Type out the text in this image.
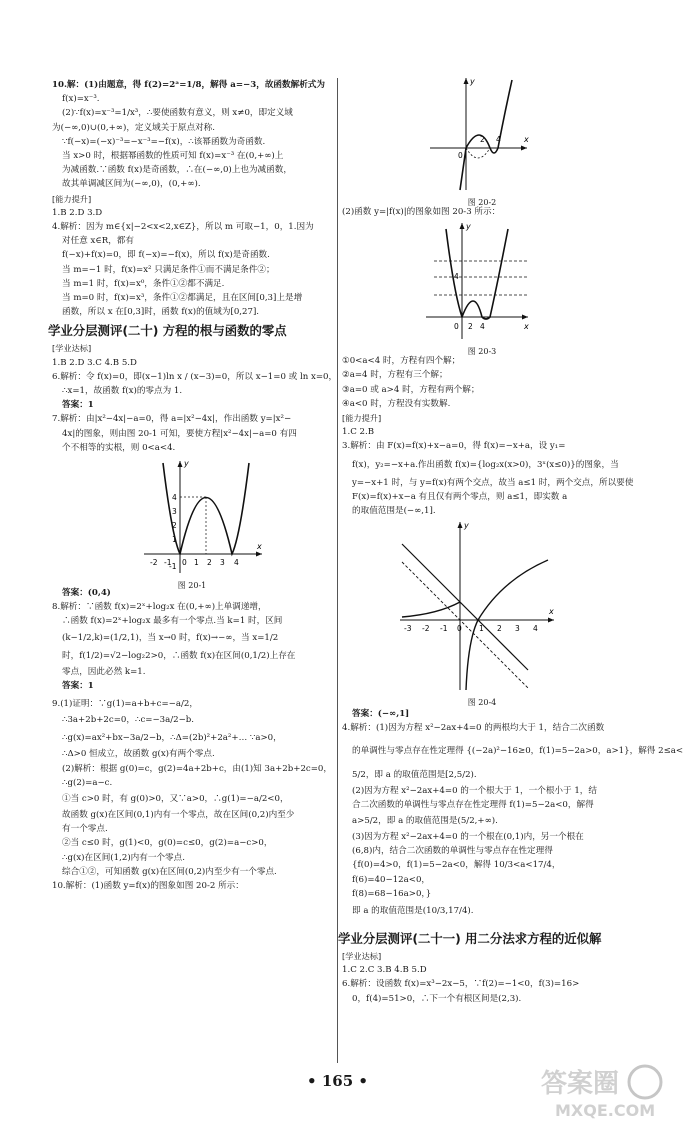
10.解：(1)由题意，得 f(2)=2ᵃ=1/8，解得 a=−3，故函数解析式为

f(x)=x⁻³.

(2)∵f(x)=x⁻³=1/x³，∴要使函数有意义，则 x≠0，即定义域

为(−∞,0)∪(0,+∞)，定义域关于原点对称.

∵f(−x)=(−x)⁻³=−x⁻³=−f(x)，∴该幂函数为奇函数.

当 x>0 时，根据幂函数的性质可知 f(x)=x⁻³ 在(0,+∞)上

为减函数.∵函数 f(x)是奇函数，∴在(−∞,0)上也为减函数，

故其单调减区间为(−∞,0)，(0,+∞).

[能力提升]

1.B 2.D 3.D

4.解析：因为 m∈{x|−2<x<2,x∈Z}，所以 m 可取−1，0，1.因为

对任意 x∈R，都有

f(−x)+f(x)=0，即 f(−x)=−f(x)，所以 f(x)是奇函数.

当 m=−1 时，f(x)=x² 只满足条件①而不满足条件②；

当 m=1 时，f(x)=x⁰，条件①②都不满足.

当 m=0 时，f(x)=x³，条件①②都满足，且在区间[0,3]上是增

函数，所以 x 在[0,3]时，函数 f(x)的值域为[0,27].

学业分层测评(二十) 方程的根与函数的零点

[学业达标]

1.B 2.D 3.C 4.B 5.D

6.解析：令 f(x)=0，即(x−1)ln x / (x−3)=0，所以 x−1=0 或 ln x=0，

∴x=1，故函数 f(x)的零点为 1.

答案：1

7.解析：由|x²−4x|−a=0，得 a=|x²−4x|，作出函数 y=|x²−

4x|的图象，则由图 20-1 可知，要使方程|x²−4x|−a=0 有四

个不相等的实根，则 0<a<4.

y
x
-2 -1 0 1 2 3 4
4
3
2
1
-1
图 20-1

答案：(0,4)

8.解析：∵函数 f(x)=2ˣ+log₂x 在(0,+∞)上单调递增，

∴函数 f(x)=2ˣ+log₂x 最多有一个零点.当 k=1 时，区间

(k−1/2,k)=(1/2,1)，当 x→0 时，f(x)→−∞，当 x=1/2

时，f(1/2)=√2−log₂2>0，∴函数 f(x)在区间(0,1/2)上存在

零点，因此必然 k=1.

答案：1

9.(1)证明：∵g(1)=a+b+c=−a/2，

∴3a+2b+2c=0，∴c=−3a/2−b.

∴g(x)=ax²+bx−3a/2−b，∴Δ=(2b)²+2a²+… ∵a>0，

∴Δ>0 恒成立，故函数 g(x)有两个零点.

(2)解析：根据 g(0)=c，g(2)=4a+2b+c，由(1)知 3a+2b+2c=0，

∴g(2)=a−c.

①当 c>0 时，有 g(0)>0，又∵a>0，∴g(1)=−a/2<0，

故函数 g(x)在区间(0,1)内有一个零点，故在区间(0,2)内至少

有一个零点.

②当 c≤0 时，g(1)<0，g(0)=c≤0，g(2)=a−c>0，

∴g(x)在区间(1,2)内有一个零点.

综合①②，可知函数 g(x)在区间(0,2)内至少有一个零点.

10.解析：(1)函数 y=f(x)的图象如图 20-2 所示：

y
x
0
2 4
图 20-2

(2)函数 y=|f(x)|的图象如图 20-3 所示：

y
x
0 2 4
4
图 20-3

①0<a<4 时，方程有四个解；

②a=4 时，方程有三个解；

③a=0 或 a>4 时，方程有两个解；

④a<0 时，方程没有实数解.

[能力提升]

1.C 2.B

3.解析：由 F(x)=f(x)+x−a=0，得 f(x)=−x+a，设 y₁=

f(x)，y₂=−x+a.作出函数 f(x)={log₂x(x>0)，3ˣ(x≤0)}的图象，当

y=−x+1 时，与 y=f(x)有两个交点，故当 a≤1 时，两个交点，所以要使

F(x)=f(x)+x−a 有且仅有两个零点，则 a≤1，即实数 a

的取值范围是(−∞,1].

y
x
-3 -2 -1 0 1 2 3 4
图 20-4

答案：(−∞,1]

4.解析：(1)因为方程 x²−2ax+4=0 的两根均大于 1，结合二次函数

的单调性与零点存在性定理得 {(−2a)²−16≥0，f(1)=5−2a>0，a>1}，解得 2≤a<

5/2，即 a 的取值范围是[2,5/2).

(2)因为方程 x²−2ax+4=0 的一个根大于 1，一个根小于 1，结

合二次函数的单调性与零点存在性定理得 f(1)=5−2a<0，解得

a>5/2，即 a 的取值范围是(5/2,+∞).

(3)因为方程 x²−2ax+4=0 的一个根在(0,1)内，另一个根在

(6,8)内，结合二次函数的单调性与零点存在性定理得

{f(0)=4>0，f(1)=5−2a<0，解得 10/3<a<17/4，

f(6)=40−12a<0，

f(8)=68−16a>0，}

即 a 的取值范围是(10/3,17/4).

学业分层测评(二十一) 用二分法求方程的近似解

[学业达标]

1.C 2.C 3.B 4.B 5.D

6.解析：设函数 f(x)=x³−2x−5，∵f(2)=−1<0，f(3)=16>

0，f(4)=51>0，∴下一个有根区间是(2,3).

• 165 •	答案圈
MXQE.COM
